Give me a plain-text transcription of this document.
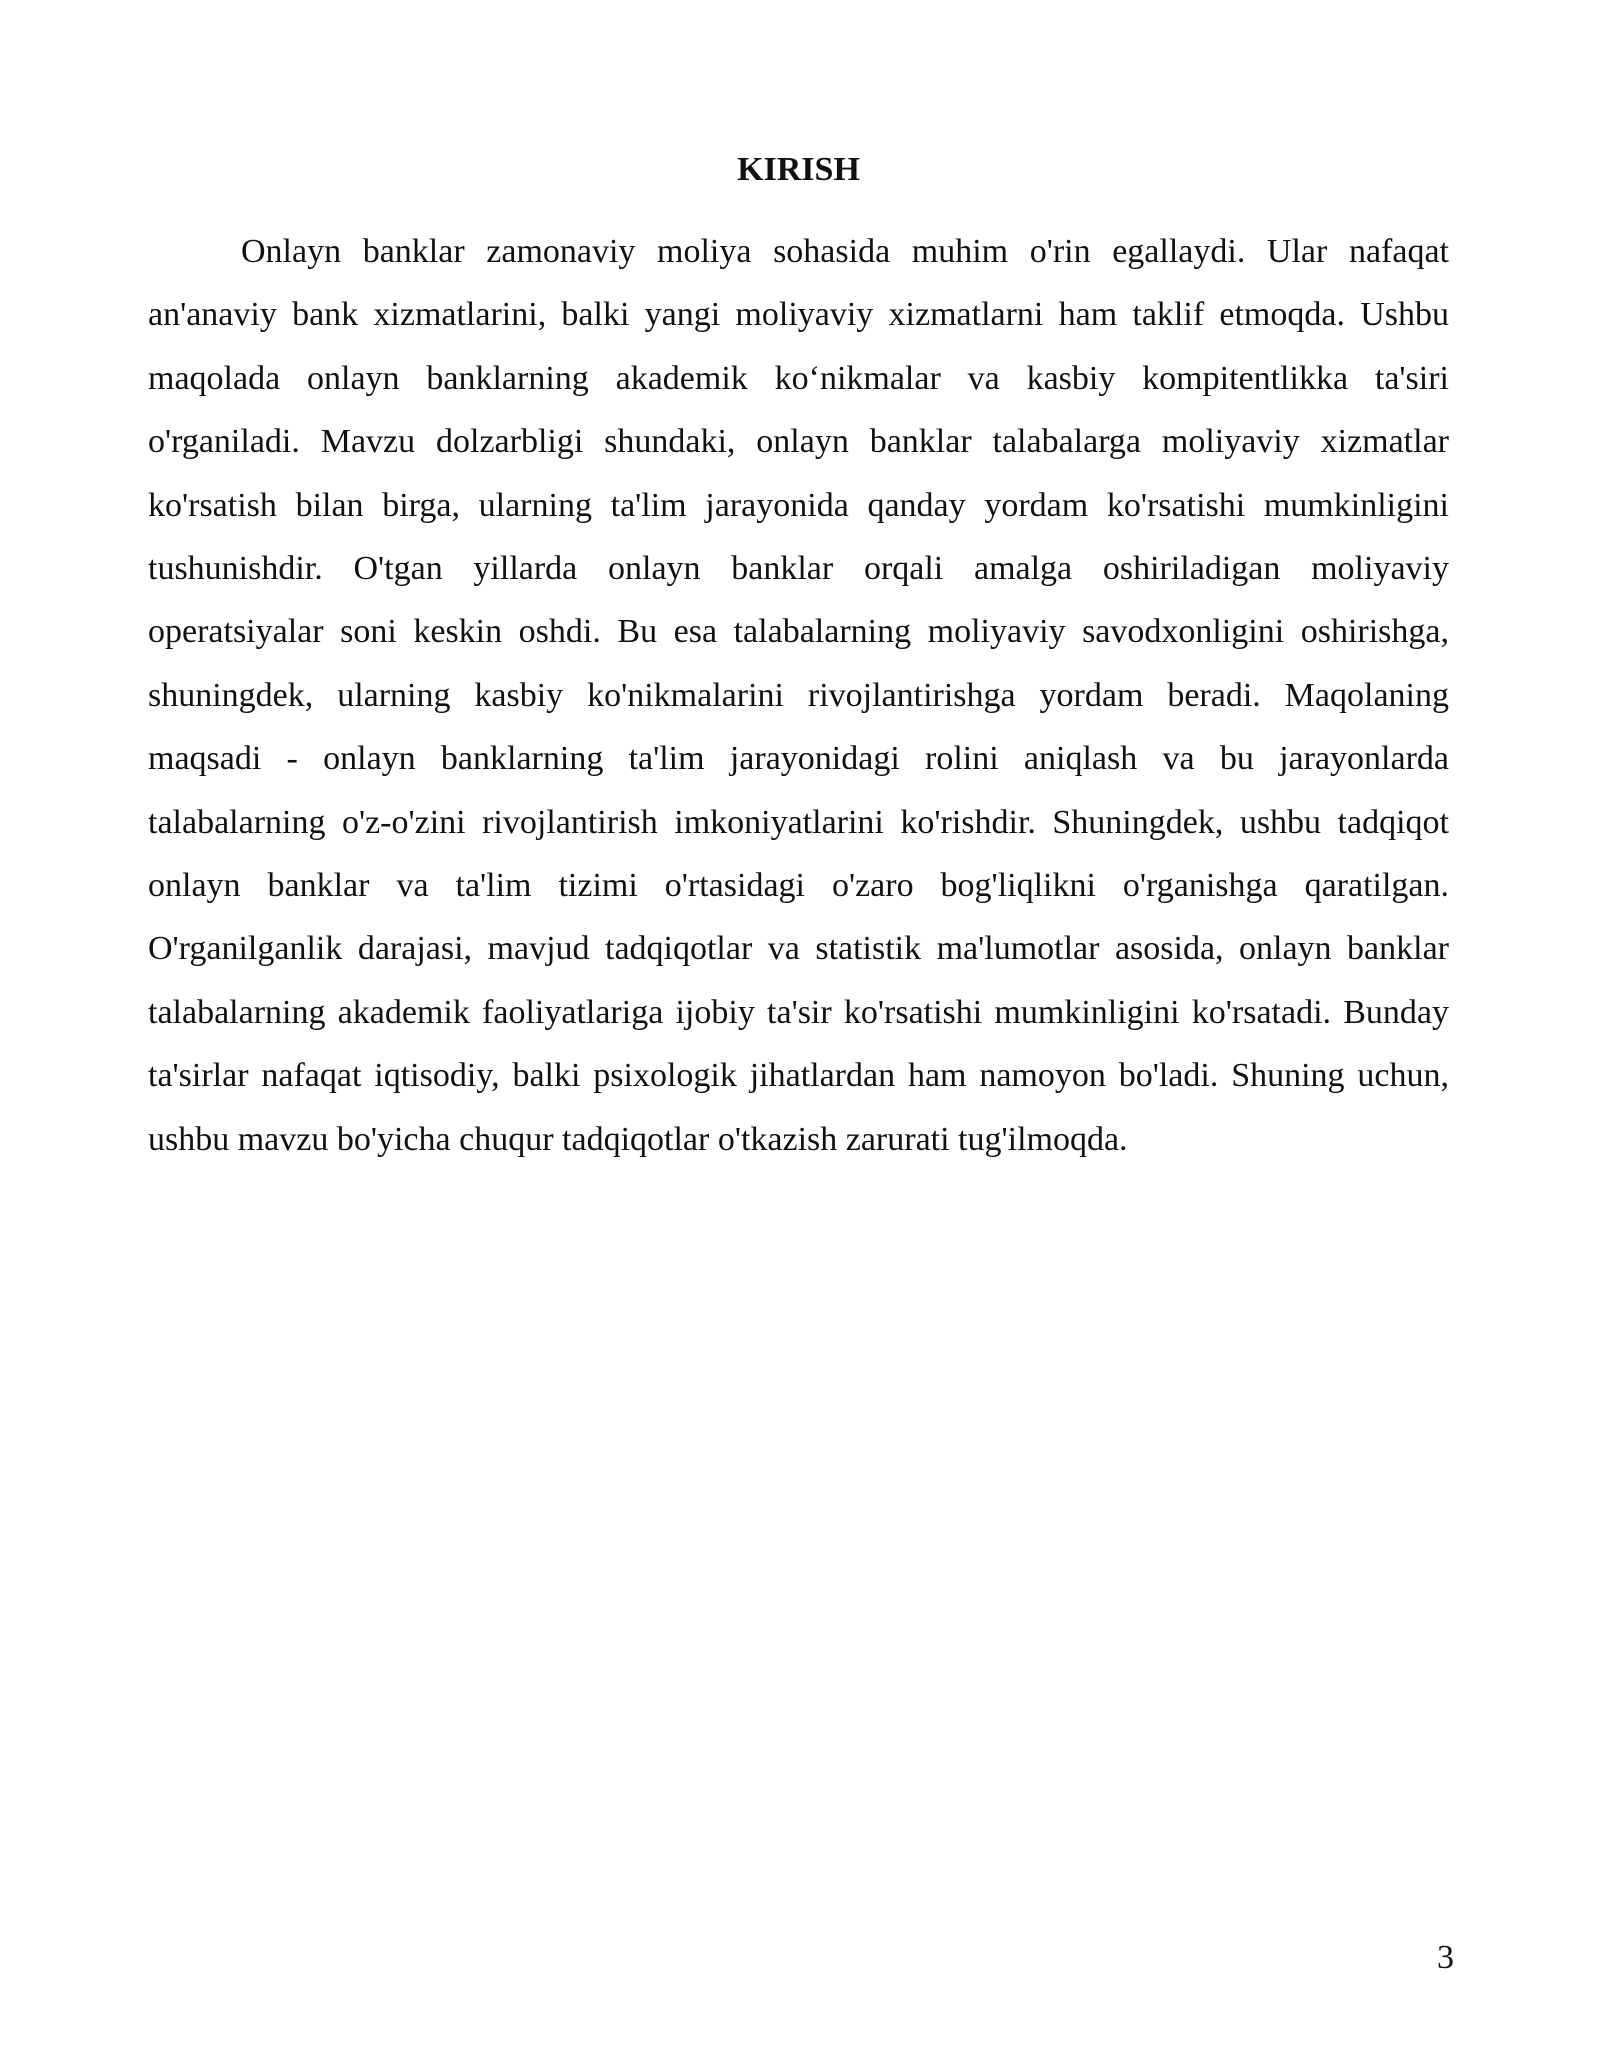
KIRISH

Onlayn banklar zamonaviy moliya sohasida muhim o'rin egallaydi. Ular nafaqat an'anaviy bank xizmatlarini, balki yangi moliyaviy xizmatlarni ham taklif etmoqda. Ushbu maqolada onlayn banklarning akademik ko‘nikmalar va kasbiy kompitentlikka ta'siri o'rganiladi. Mavzu dolzarbligi shundaki, onlayn banklar talabalarga moliyaviy xizmatlar ko'rsatish bilan birga, ularning ta'lim jarayonida qanday yordam ko'rsatishi mumkinligini tushunishdir. O'tgan yillarda onlayn banklar orqali amalga oshiriladigan moliyaviy operatsiyalar soni keskin oshdi. Bu esa talabalarning moliyaviy savodxonligini oshirishga, shuningdek, ularning kasbiy ko'nikmalarini rivojlantirishga yordam beradi. Maqolaning maqsadi - onlayn banklarning ta'lim jarayonidagi rolini aniqlash va bu jarayonlarda talabalarning o'z-o'zini rivojlantirish imkoniyatlarini ko'rishdir. Shuningdek, ushbu tadqiqot onlayn banklar va ta'lim tizimi o'rtasidagi o'zaro bog'liqlikni o'rganishga qaratilgan. O'rganilganlik darajasi, mavjud tadqiqotlar va statistik ma'lumotlar asosida, onlayn banklar talabalarning akademik faoliyatlariga ijobiy ta'sir ko'rsatishi mumkinligini ko'rsatadi. Bunday ta'sirlar nafaqat iqtisodiy, balki psixologik jihatlardan ham namoyon bo'ladi. Shuning uchun, ushbu mavzu bo'yicha chuqur tadqiqotlar o'tkazish zarurati tug'ilmoqda.

3
